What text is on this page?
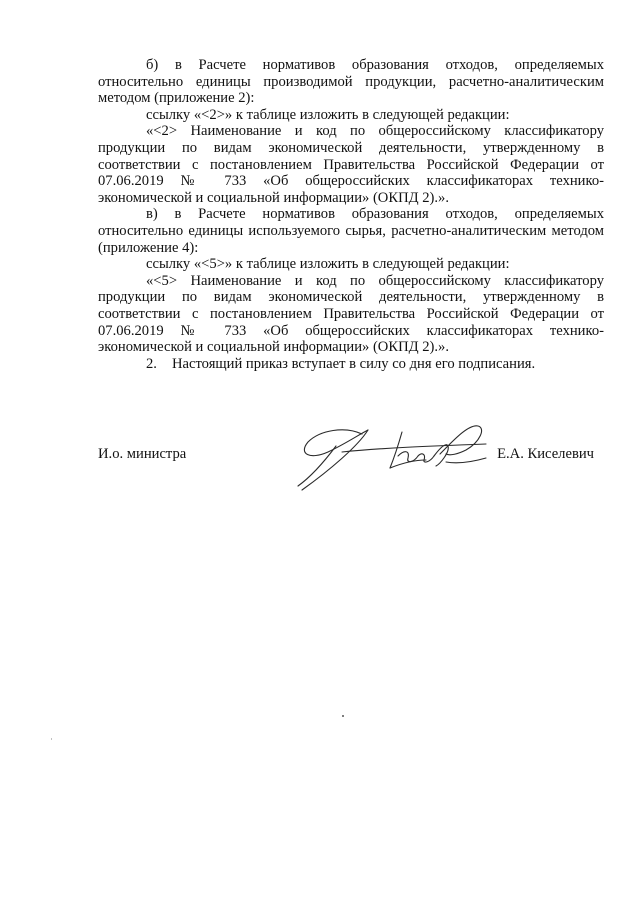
б) в Расчете нормативов образования отходов, определяемых относительно единицы производимой продукции, расчетно-аналитическим методом (приложение 2):

ссылку «<2>» к таблице изложить в следующей редакции:

«<2> Наименование и код по общероссийскому классификатору продукции по видам экономической деятельности, утвержденному в соответствии с постановлением Правительства Российской Федерации от 07.06.2019 № 733 «Об общероссийских классификаторах технико-экономической и социальной информации» (ОКПД 2).».

в) в Расчете нормативов образования отходов, определяемых относительно единицы используемого сырья, расчетно-аналитическим методом (приложение 4):

ссылку «<5>» к таблице изложить в следующей редакции:

«<5> Наименование и код по общероссийскому классификатору продукции по видам экономической деятельности, утвержденному в соответствии с постановлением Правительства Российской Федерации от 07.06.2019 № 733 «Об общероссийских классификаторах технико-экономической и социальной информации» (ОКПД 2).».

2. Настоящий приказ вступает в силу со дня его подписания.

И.о. министра	Е.А. Киселевич
